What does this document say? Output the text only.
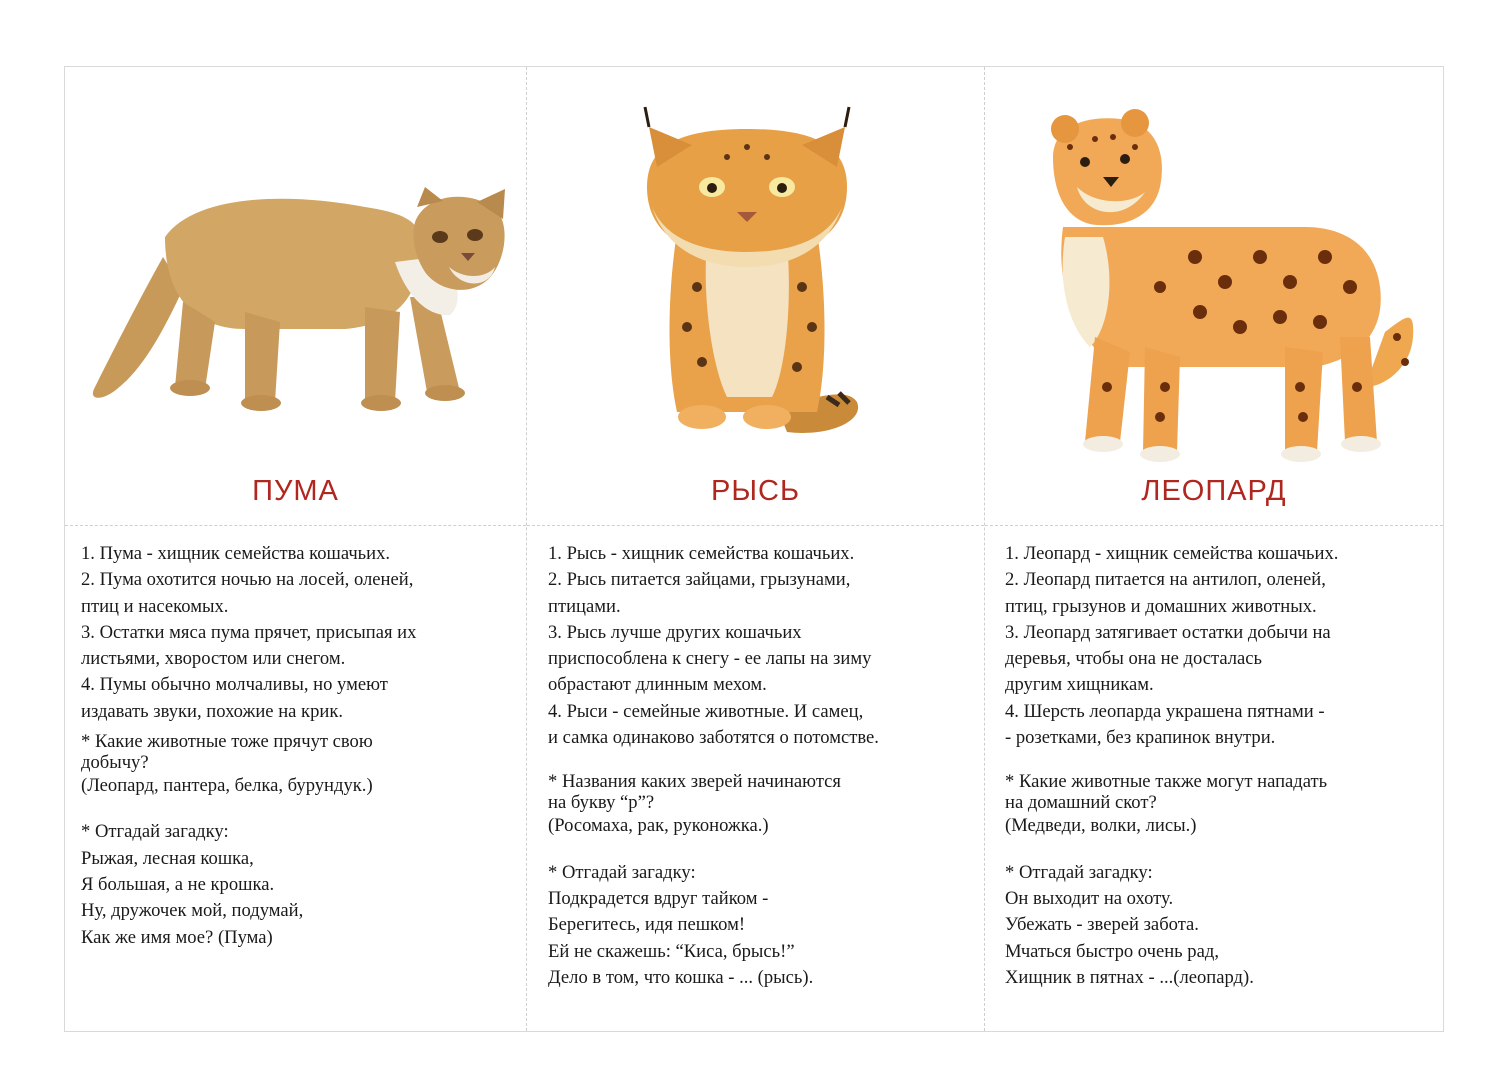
ПУМА
1. Пума - хищник семейства кошачьих.
2. Пума охотится ночью на лосей, оленей,
птиц и насекомых.
3. Остатки мяса пума прячет, присыпая их
листьями, хворостом или снегом.
4. Пумы обычно молчаливы, но умеют
издавать звуки, похожие на крик.
* Какие животные тоже прячут свою
добычу?
(Леопард, пантера, белка, бурундук.)
* Отгадай загадку:
Рыжая, лесная кошка,
Я большая, а не крошка.
Ну, дружочек мой, подумай,
Как же имя мое? (Пума)
РЫСЬ
1. Рысь - хищник семейства кошачьих.
2. Рысь питается зайцами, грызунами,
птицами.
3. Рысь лучше других кошачьих
приспособлена к снегу - ее лапы на зиму
обрастают длинным мехом.
4. Рыси - семейные животные. И самец,
и самка одинаково заботятся о потомстве.
* Названия каких зверей начинаются
на букву “р”?
(Росомаха, рак, руконожка.)
* Отгадай загадку:
Подкрадется вдруг тайком -
Берегитесь, идя пешком!
Ей не скажешь: “Киса, брысь!”
Дело в том, что кошка - ... (рысь).
ЛЕОПАРД
1. Леопард - хищник семейства кошачьих.
2. Леопард питается на антилоп, оленей,
птиц, грызунов и домашних животных.
3. Леопард затягивает остатки добычи на
деревья, чтобы она не досталась
другим хищникам.
4. Шерсть леопарда украшена пятнами -
- розетками, без крапинок внутри.
* Какие животные также могут нападать
на домашний скот?
(Медведи, волки, лисы.)
* Отгадай загадку:
Он выходит на охоту.
Убежать - зверей забота.
Мчаться быстро очень рад,
Хищник в пятнах - ...(леопард).
